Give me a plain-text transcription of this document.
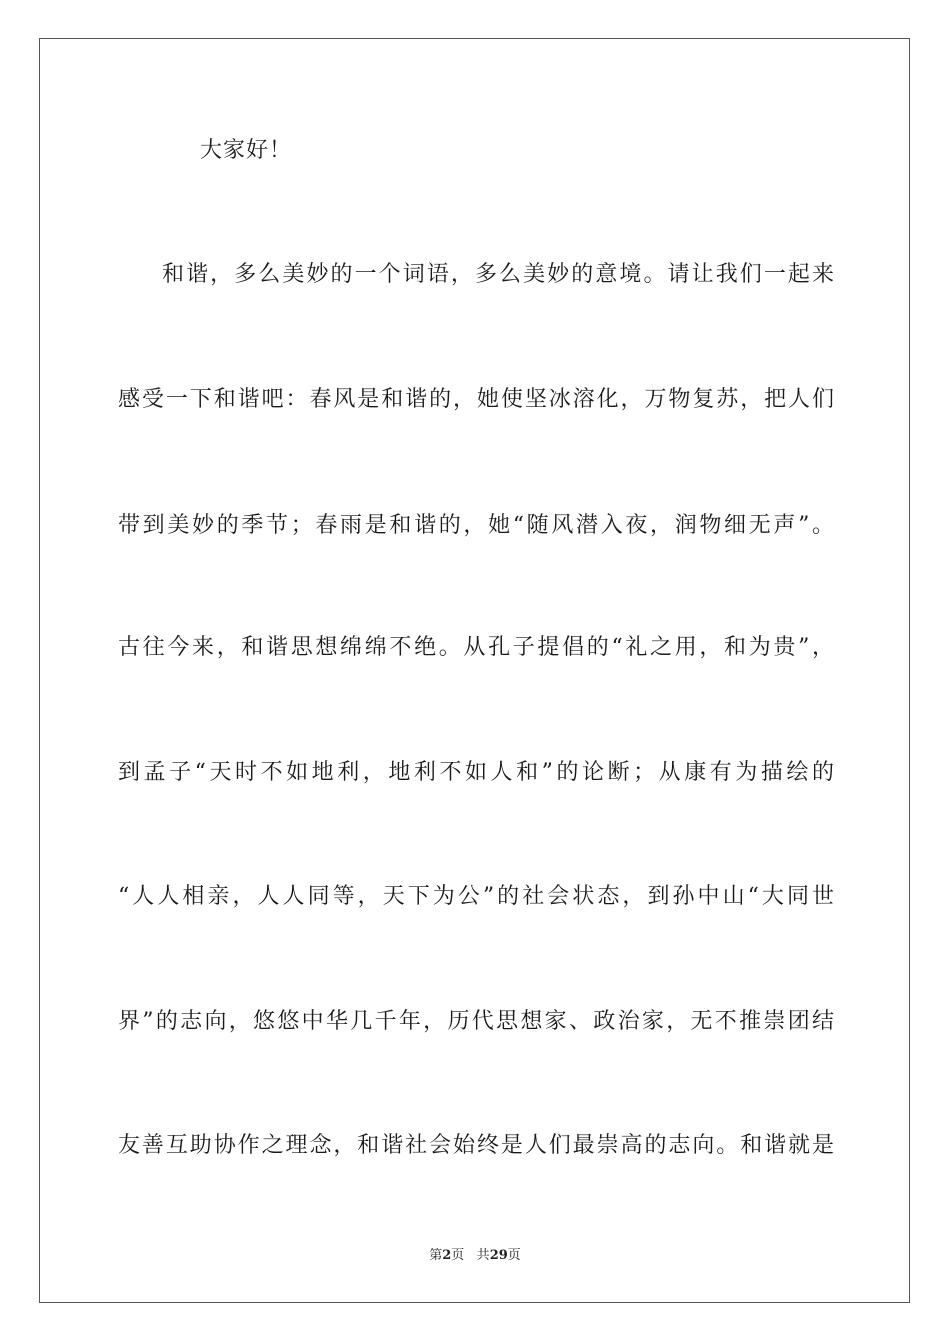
大家好！
和谐，多么美妙的一个词语，多么美妙的意境。请让我们一起来
感受一下和谐吧：春风是和谐的，她使坚冰溶化，万物复苏，把人们
带到美妙的季节；春雨是和谐的，她“随风潜入夜，润物细无声”。
古往今来，和谐思想绵绵不绝。从孔子提倡的“礼之用，和为贵”，
到孟子“天时不如地利，地利不如人和”的论断；从康有为描绘的
“人人相亲，人人同等，天下为公”的社会状态，到孙中山“大同世
界”的志向，悠悠中华几千年，历代思想家、政治家，无不推崇团结
友善互助协作之理念，和谐社会始终是人们最崇高的志向。和谐就是
第2页 共29页
